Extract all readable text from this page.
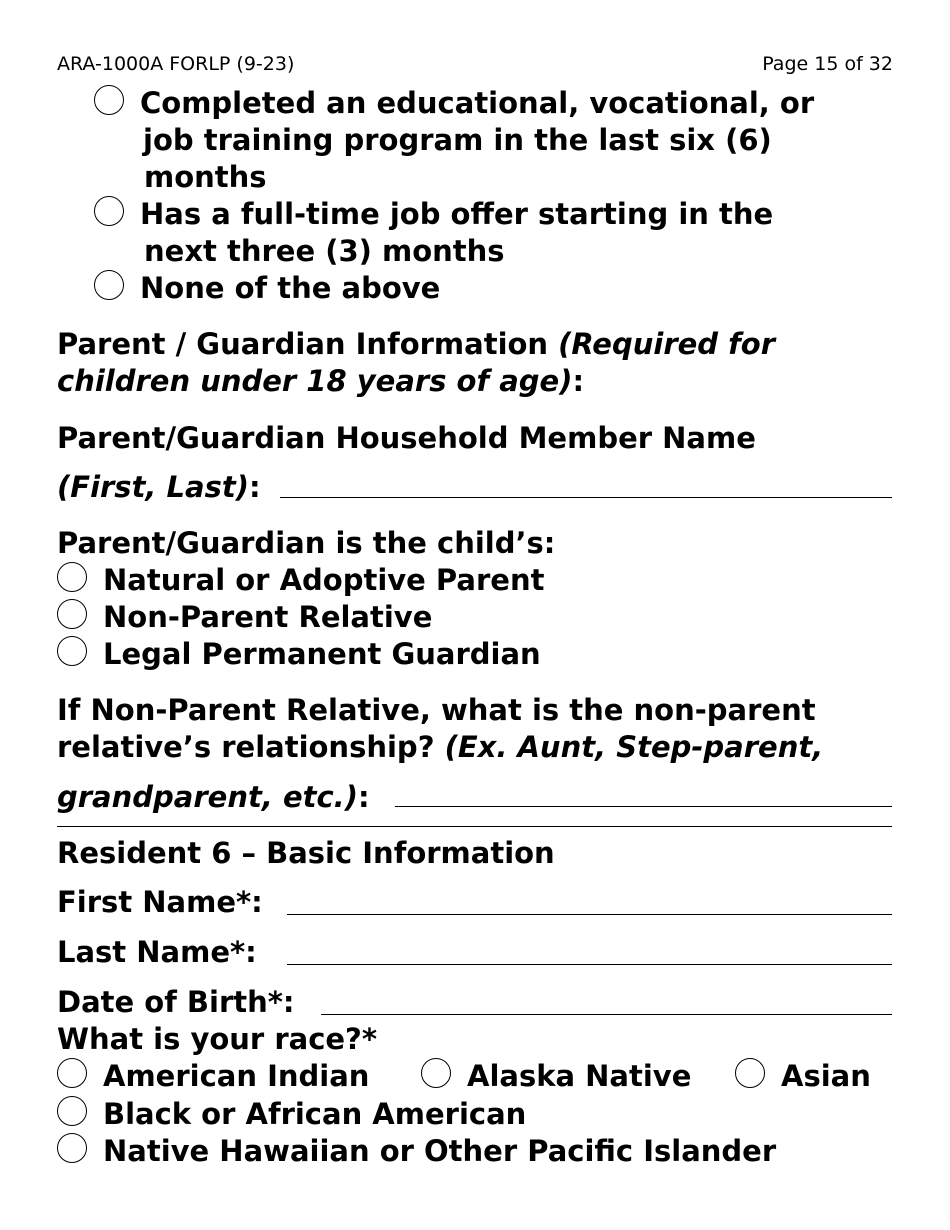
ARA-1000A FORLP (9-23)	Page 15 of 32
Completed an educational, vocational, or
job training program in the last six (6)
months
Has a full-time job offer starting in the
next three (3) months
None of the above
Parent / Guardian Information (Required for
children under 18 years of age):
Parent/Guardian Household Member Name
(First, Last):
Parent/Guardian is the child’s:
Natural or Adoptive Parent
Non-Parent Relative
Legal Permanent Guardian
If Non-Parent Relative, what is the non-parent
relative’s relationship? (Ex. Aunt, Step-parent,
grandparent, etc.):
Resident 6 – Basic Information
First Name*:
Last Name*:
Date of Birth*:
What is your race?*
American Indian	Alaska Native	Asian
Black or African American
Native Hawaiian or Other Pacific Islander
